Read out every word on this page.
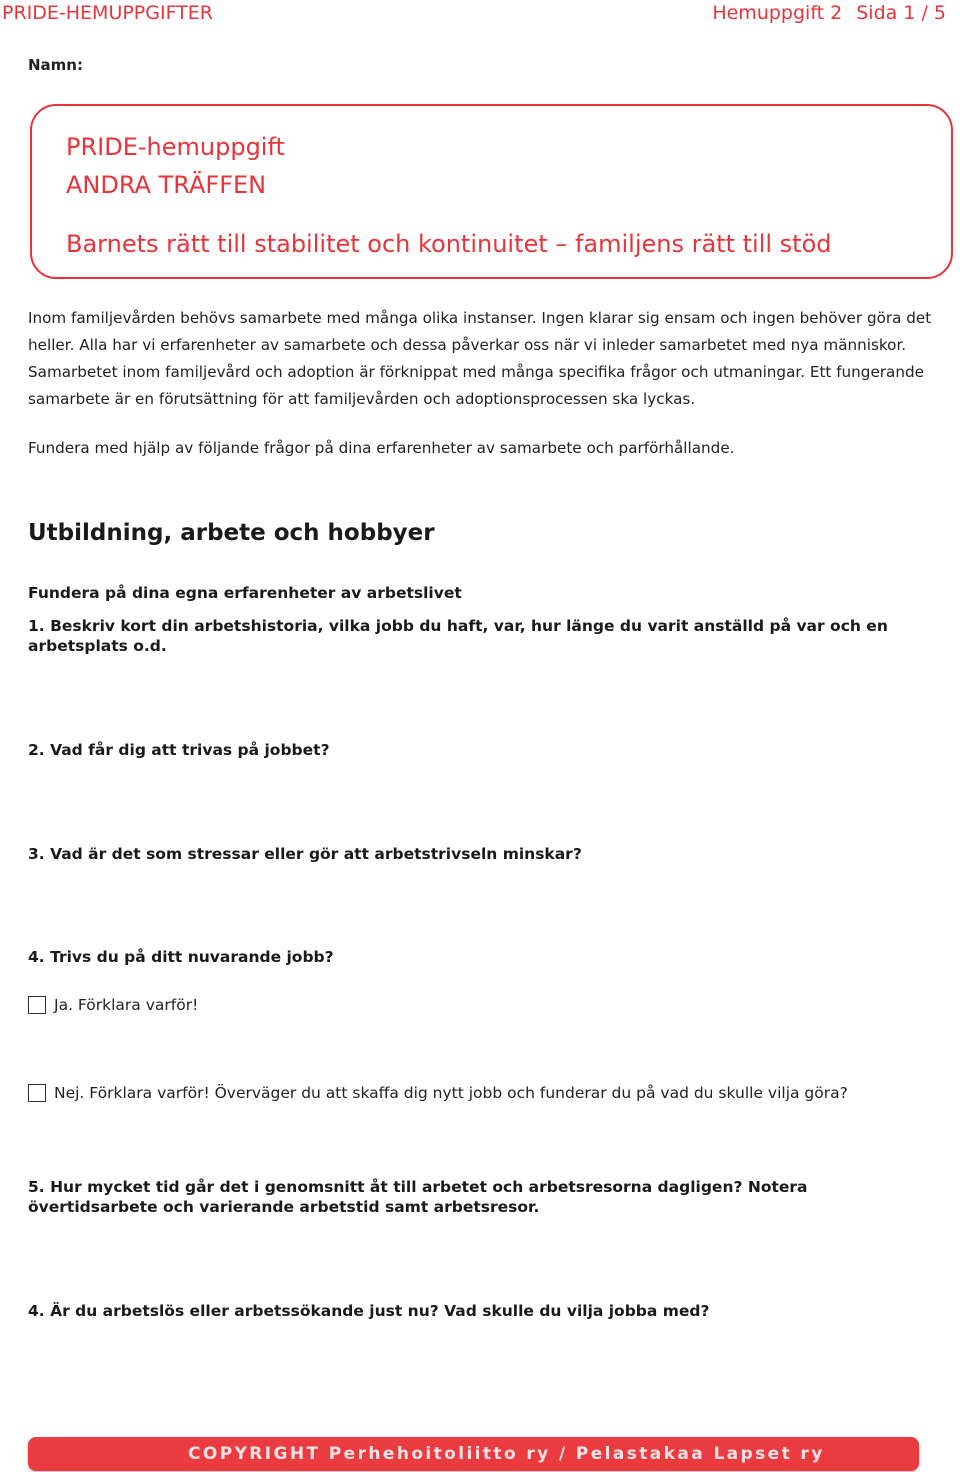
PRIDE-HEMUPPGIFTER	Hemuppgift 2 Sida 1 / 5
Namn:
PRIDE-hemuppgift
ANDRA TRÄFFEN
Barnets rätt till stabilitet och kontinuitet – familjens rätt till stöd
Inom familjevården behövs samarbete med många olika instanser. Ingen klarar sig ensam och ingen behöver göra det
heller. Alla har vi erfarenheter av samarbete och dessa påverkar oss när vi inleder samarbetet med nya människor.
Samarbetet inom familjevård och adoption är förknippat med många specifika frågor och utmaningar. Ett fungerande
samarbete är en förutsättning för att familjevården och adoptionsprocessen ska lyckas.
Fundera med hjälp av följande frågor på dina erfarenheter av samarbete och parförhållande.
Utbildning, arbete och hobbyer
Fundera på dina egna erfarenheter av arbetslivet
1. Beskriv kort din arbetshistoria, vilka jobb du haft, var, hur länge du varit anställd på var och en arbetsplats o.d.
2. Vad får dig att trivas på jobbet?
3. Vad är det som stressar eller gör att arbetstrivseln minskar?
4. Trivs du på ditt nuvarande jobb?
Ja. Förklara varför!
Nej. Förklara varför! Överväger du att skaffa dig nytt jobb och funderar du på vad du skulle vilja göra?
5. Hur mycket tid går det i genomsnitt åt till arbetet och arbetsresorna dagligen? Notera övertidsarbete och varierande arbetstid samt arbetsresor.
4. Är du arbetslös eller arbetssökande just nu? Vad skulle du vilja jobba med?
COPYRIGHT Perhehoitoliitto ry / Pelastakaa Lapset ry
